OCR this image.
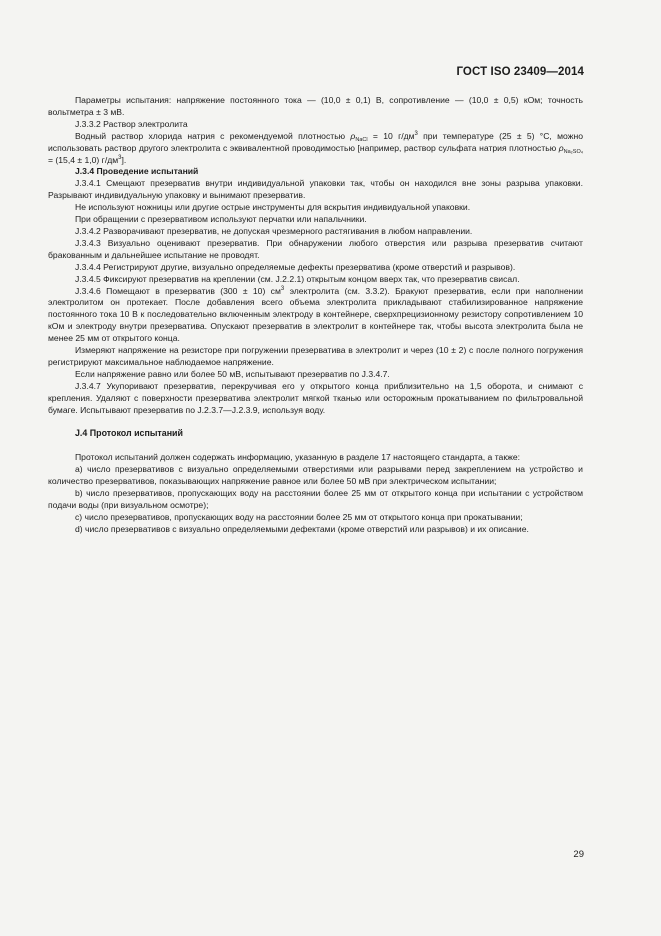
ГОСТ ISO 23409—2014

Параметры испытания: напряжение постоянного тока — (10,0 ± 0,1) В, сопротивление — (10,0 ± 0,5) кОм; точность вольтметра ± 3 мВ.

J.3.3.2 Раствор электролита

Водный раствор хлорида натрия с рекомендуемой плотностью $\rho_{NaCl} = 10$ $г/дм^3$ при температуре (25 ± 5) °С, можно использовать раствор другого электролита с эквивалентной проводимостью [например, раствор сульфата натрия плотностью $\rho_{Na_2SO_4} = (15,4 \pm 1,0)$ $г/дм^3$].

J.3.4 Проведение испытаний

J.3.4.1 Смещают презерватив внутри индивидуальной упаковки так, чтобы он находился вне зоны разрыва упаковки. Разрывают индивидуальную упаковку и вынимают презерватив.

Не используют ножницы или другие острые инструменты для вскрытия индивидуальной упаковки.

При обращении с презервативом используют перчатки или напальчники.

J.3.4.2 Разворачивают презерватив, не допуская чрезмерного растягивания в любом направлении.

J.3.4.3 Визуально оценивают презерватив. При обнаружении любого отверстия или разрыва презерватив считают бракованным и дальнейшее испытание не проводят.

J.3.4.4 Регистрируют другие, визуально определяемые дефекты презерватива (кроме отверстий и разрывов).

J.3.4.5 Фиксируют презерватив на креплении (см. J.2.2.1) открытым концом вверх так, что презерватив свисал.

J.3.4.6 Помещают в презерватив (300 ± 10) $см^3$ электролита (см. 3.3.2). Бракуют презерватив, если при наполнении электролитом он протекает. После добавления всего объема электролита прикладывают стабилизированное напряжение постоянного тока 10 В к последовательно включенным электроду в контейнере, сверхпрецизионному резистору сопротивлением 10 кОм и электроду внутри презерватива. Опускают презерватив в электролит в контейнере так, чтобы высота электролита была не менее 25 мм от открытого конца.

Измеряют напряжение на резисторе при погружении презерватива в электролит и через (10 ± 2) с после полного погружения регистрируют максимальное наблюдаемое напряжение.

Если напряжение равно или более 50 мВ, испытывают презерватив по J.3.4.7.

J.3.4.7 Укупоривают презерватив, перекручивая его у открытого конца приблизительно на 1,5 оборота, и снимают с крепления. Удаляют с поверхности презерватива электролит мягкой тканью или осторожным прокатыванием по фильтровальной бумаге. Испытывают презерватив по J.2.3.7—J.2.3.9, используя воду.

J.4 Протокол испытаний

Протокол испытаний должен содержать информацию, указанную в разделе 17 настоящего стандарта, а также:

a) число презервативов с визуально определяемыми отверстиями или разрывами перед закреплением на устройство и количество презервативов, показывающих напряжение равное или более 50 мВ при электрическом испытании;

b) число презервативов, пропускающих воду на расстоянии более 25 мм от открытого конца при испытании с устройством подачи воды (при визуальном осмотре);

c) число презервативов, пропускающих воду на расстоянии более 25 мм от открытого конца при прокатывании;

d) число презервативов с визуально определяемыми дефектами (кроме отверстий или разрывов) и их описание.

29
